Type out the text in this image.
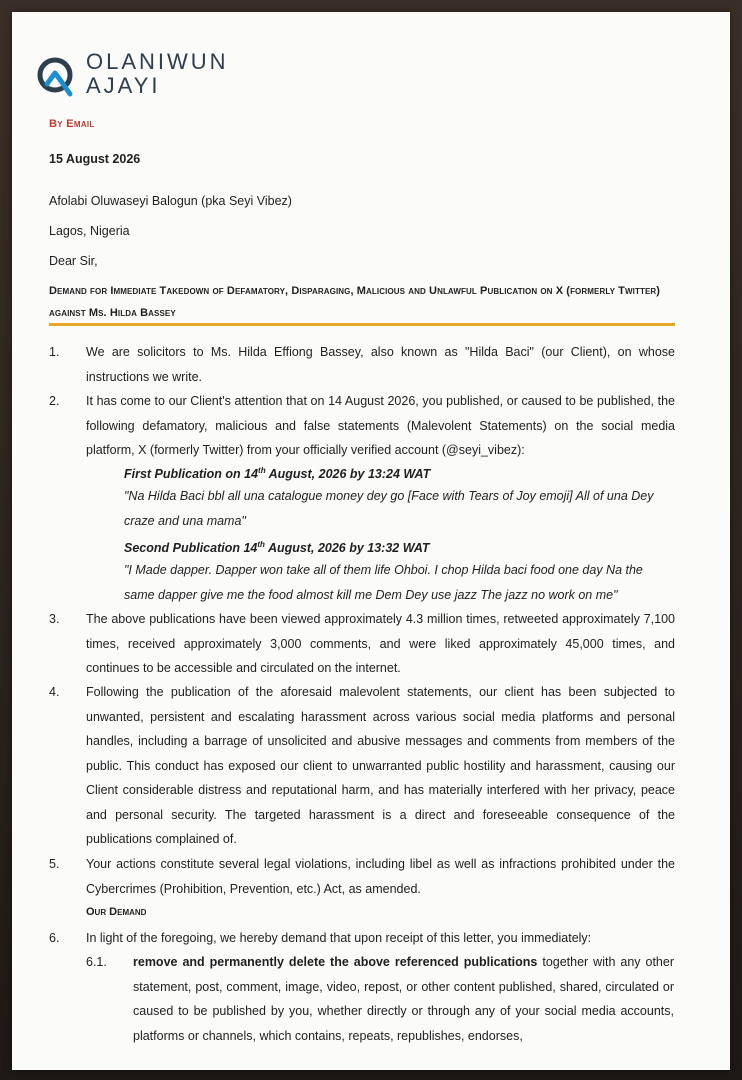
OLANIWUN
AJAYI
By Email
15 August 2026
Afolabi Oluwaseyi Balogun (pka Seyi Vibez)
Lagos, Nigeria
Dear Sir,
Demand for Immediate Takedown of Defamatory, Disparaging, Malicious and Unlawful Publication on X (formerly Twitter) against Ms. Hilda Bassey
1.	We are solicitors to Ms. Hilda Effiong Bassey, also known as "Hilda Baci" (our Client), on whose instructions we write.
2.	It has come to our Client's attention that on 14 August 2026, you published, or caused to be published, the following defamatory, malicious and false statements (Malevolent Statements) on the social media platform, X (formerly Twitter) from your officially verified account (@seyi_vibez):
First Publication on 14th August, 2026 by 13:24 WAT
"Na Hilda Baci bbl all una catalogue money dey go [Face with Tears of Joy emoji] All of una Dey craze and una mama"
Second Publication 14th August, 2026 by 13:32 WAT
"I Made dapper. Dapper won take all of them life Ohboi. I chop Hilda baci food one day Na the same dapper give me the food almost kill me Dem Dey use jazz The jazz no work on me"
3.	The above publications have been viewed approximately 4.3 million times, retweeted approximately 7,100 times, received approximately 3,000 comments, and were liked approximately 45,000 times, and continues to be accessible and circulated on the internet.
4.	Following the publication of the aforesaid malevolent statements, our client has been subjected to unwanted, persistent and escalating harassment across various social media platforms and personal handles, including a barrage of unsolicited and abusive messages and comments from members of the public. This conduct has exposed our client to unwarranted public hostility and harassment, causing our Client considerable distress and reputational harm, and has materially interfered with her privacy, peace and personal security. The targeted harassment is a direct and foreseeable consequence of the publications complained of.
5.	Your actions constitute several legal violations, including libel as well as infractions prohibited under the Cybercrimes (Prohibition, Prevention, etc.) Act, as amended.
Our Demand
6.	In light of the foregoing, we hereby demand that upon receipt of this letter, you immediately:
6.1. remove and permanently delete the above referenced publications together with any other statement, post, comment, image, video, repost, or other content published, shared, circulated or caused to be published by you, whether directly or through any of your social media accounts, platforms or channels, which contains, repeats, republishes, endorses,
